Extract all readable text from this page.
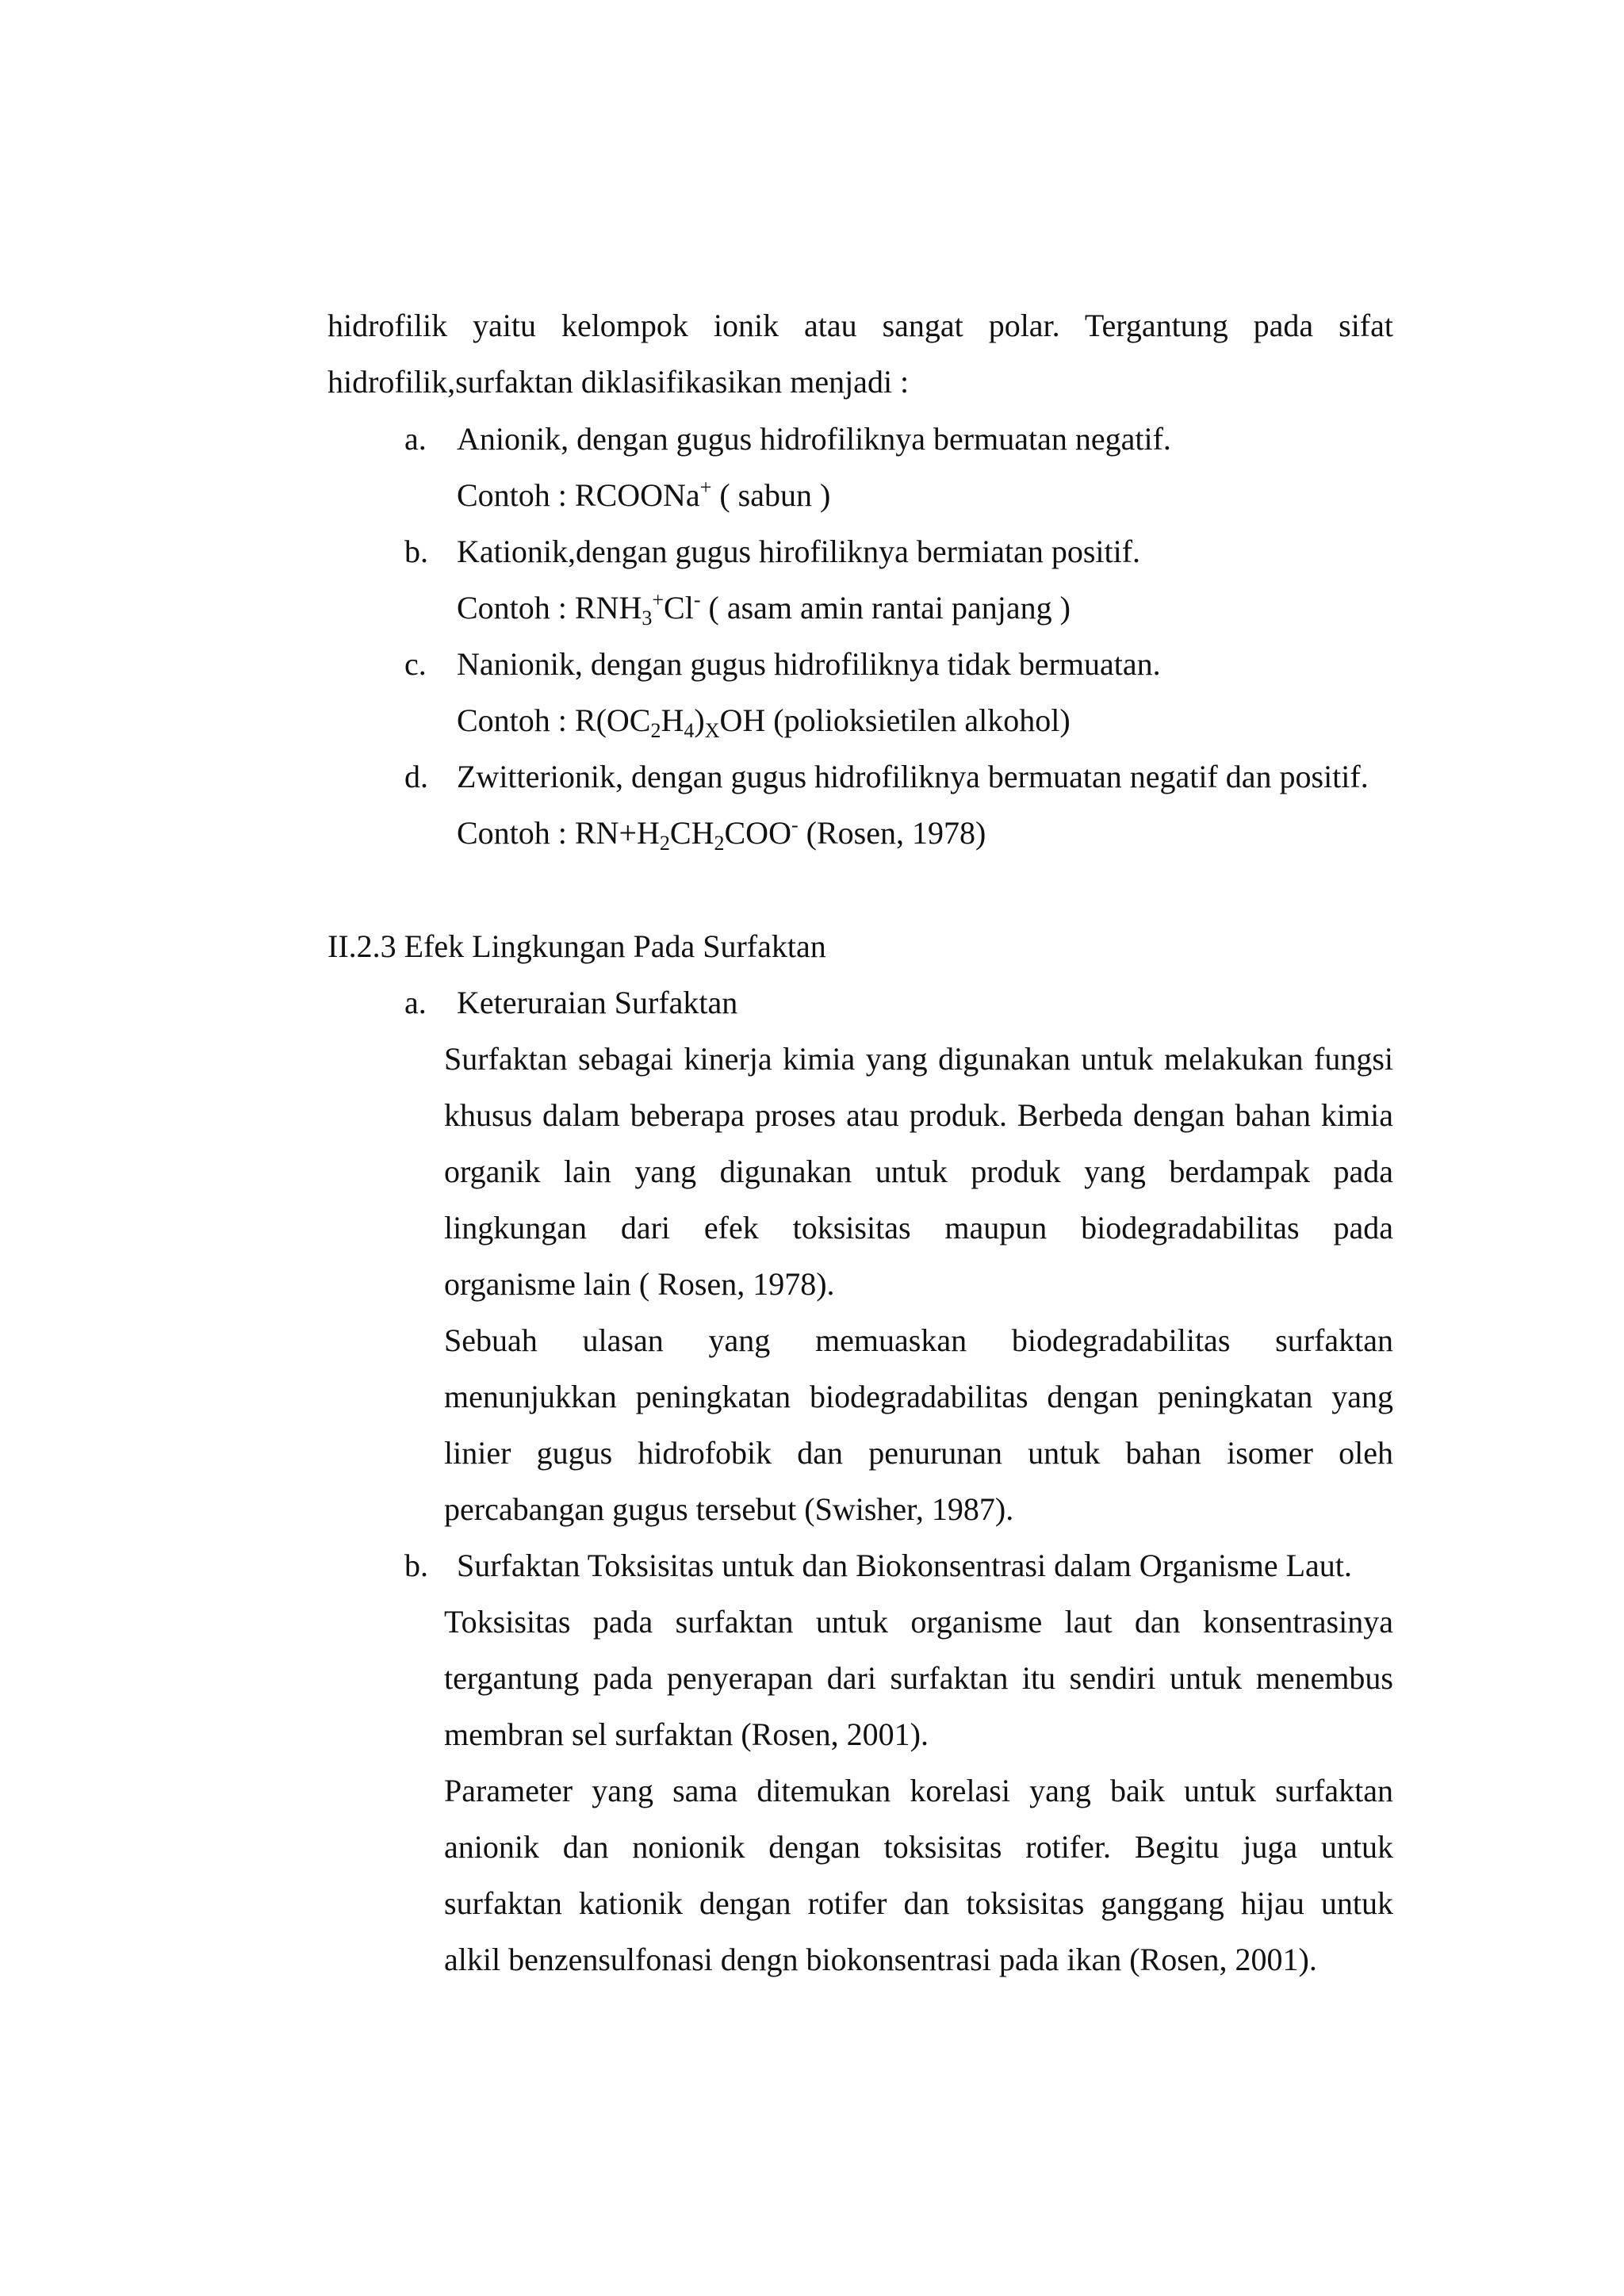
hidrofilik yaitu kelompok ionik atau sangat polar. Tergantung pada sifat
hidrofilik,surfaktan diklasifikasikan menjadi :
a. Anionik, dengan gugus hidrofiliknya bermuatan negatif.
Contoh : RCOONa+ ( sabun )
b. Kationik,dengan gugus hirofiliknya bermiatan positif.
Contoh : $RNH_3^+Cl^-$ ( asam amin rantai panjang )
c. Nanionik, dengan gugus hidrofiliknya tidak bermuatan.
Contoh : $R(OC_2H_4)_XOH$ (polioksietilen alkohol)
d. Zwitterionik, dengan gugus hidrofiliknya bermuatan negatif dan positif.
Contoh : $RN+H_2CH_2COO^-$ (Rosen, 1978)
II.2.3 Efek Lingkungan Pada Surfaktan
a. Keteruraian Surfaktan
Surfaktan sebagai kinerja kimia yang digunakan untuk melakukan fungsi
khusus dalam beberapa proses atau produk. Berbeda dengan bahan kimia
organik lain yang digunakan untuk produk yang berdampak pada
lingkungan dari efek toksisitas maupun biodegradabilitas pada
organisme lain ( Rosen, 1978).
Sebuah ulasan yang memuaskan biodegradabilitas surfaktan
menunjukkan peningkatan biodegradabilitas dengan peningkatan yang
linier gugus hidrofobik dan penurunan untuk bahan isomer oleh
percabangan gugus tersebut (Swisher, 1987).
b. Surfaktan Toksisitas untuk dan Biokonsentrasi dalam Organisme Laut.
Toksisitas pada surfaktan untuk organisme laut dan konsentrasinya
tergantung pada penyerapan dari surfaktan itu sendiri untuk menembus
membran sel surfaktan (Rosen, 2001).
Parameter yang sama ditemukan korelasi yang baik untuk surfaktan
anionik dan nonionik dengan toksisitas rotifer. Begitu juga untuk
surfaktan kationik dengan rotifer dan toksisitas ganggang hijau untuk
alkil benzensulfonasi dengn biokonsentrasi pada ikan (Rosen, 2001).
